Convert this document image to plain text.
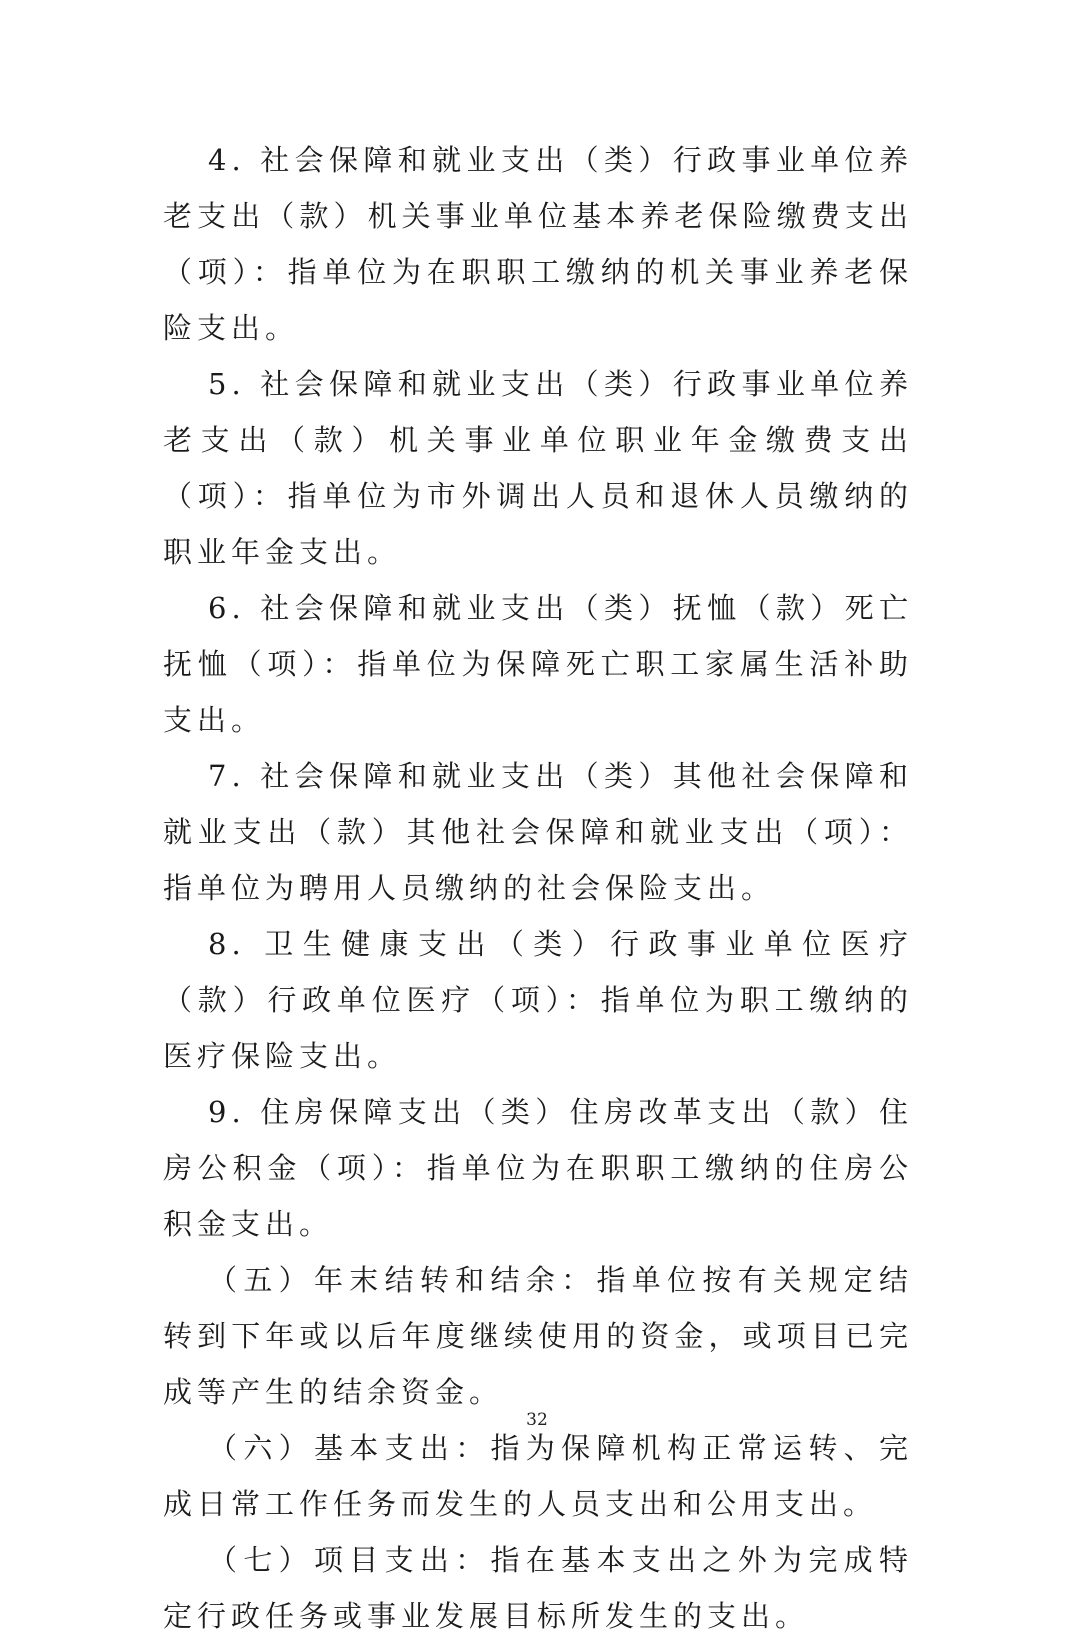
4. 社会保障和就业支出（类）行政事业单位养老支出（款）机关事业单位基本养老保险缴费支出（项）：指单位为在职职工缴纳的机关事业养老保险支出。

5. 社会保障和就业支出（类）行政事业单位养老支出（款）机关事业单位职业年金缴费支出（项）：指单位为市外调出人员和退休人员缴纳的职业年金支出。

6. 社会保障和就业支出（类）抚恤（款）死亡抚恤（项）：指单位为保障死亡职工家属生活补助支出。

7. 社会保障和就业支出（类）其他社会保障和就业支出（款）其他社会保障和就业支出（项）：指单位为聘用人员缴纳的社会保险支出。

8. 卫生健康支出（类）行政事业单位医疗（款）行政单位医疗（项）：指单位为职工缴纳的医疗保险支出。

9. 住房保障支出（类）住房改革支出（款）住房公积金（项）：指单位为在职职工缴纳的住房公积金支出。

（五）年末结转和结余：指单位按有关规定结转到下年或以后年度继续使用的资金，或项目已完成等产生的结余资金。

（六）基本支出：指为保障机构正常运转、完成日常工作任务而发生的人员支出和公用支出。

（七）项目支出：指在基本支出之外为完成特定行政任务或事业发展目标所发生的支出。

32
